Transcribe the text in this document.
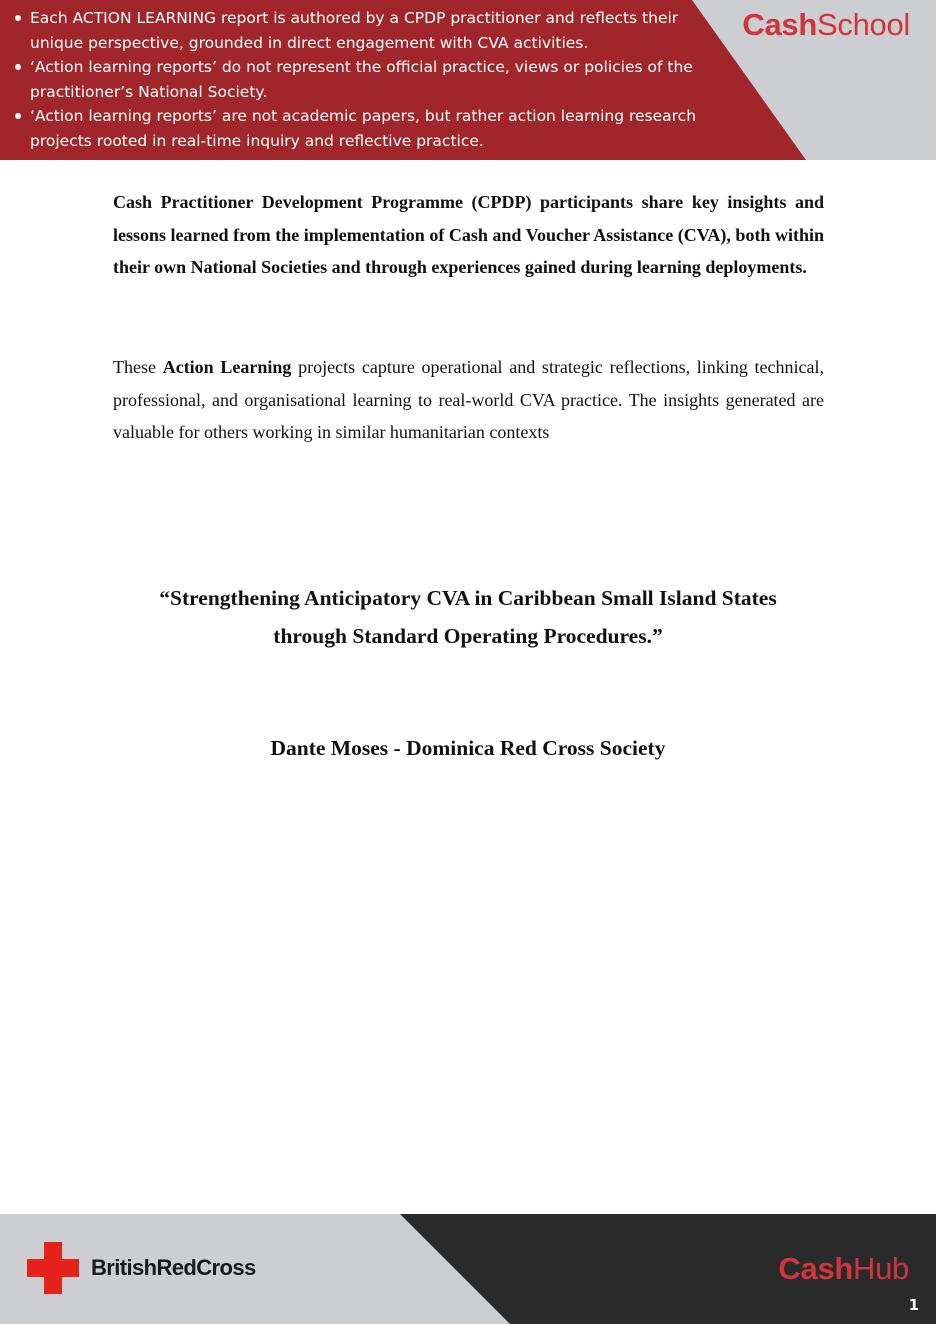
Each ACTION LEARNING report is authored by a CPDP practitioner and reflects their unique perspective, grounded in direct engagement with CVA activities.
‘Action learning reports’ do not represent the official practice, views or policies of the practitioner’s National Society.
‘Action learning reports’ are not academic papers, but rather action learning research projects rooted in real-time inquiry and reflective practice.
CashSchool

Cash Practitioner Development Programme (CPDP) participants share key insights and lessons learned from the implementation of Cash and Voucher Assistance (CVA), both within their own National Societies and through experiences gained during learning deployments.

These Action Learning projects capture operational and strategic reflections, linking technical, professional, and organisational learning to real-world CVA practice. The insights generated are valuable for others working in similar humanitarian contexts

“Strengthening Anticipatory CVA in Caribbean Small Island States
through Standard Operating Procedures.”
Dante Moses - Dominica Red Cross Society
BritishRedCross	CashHub
1
